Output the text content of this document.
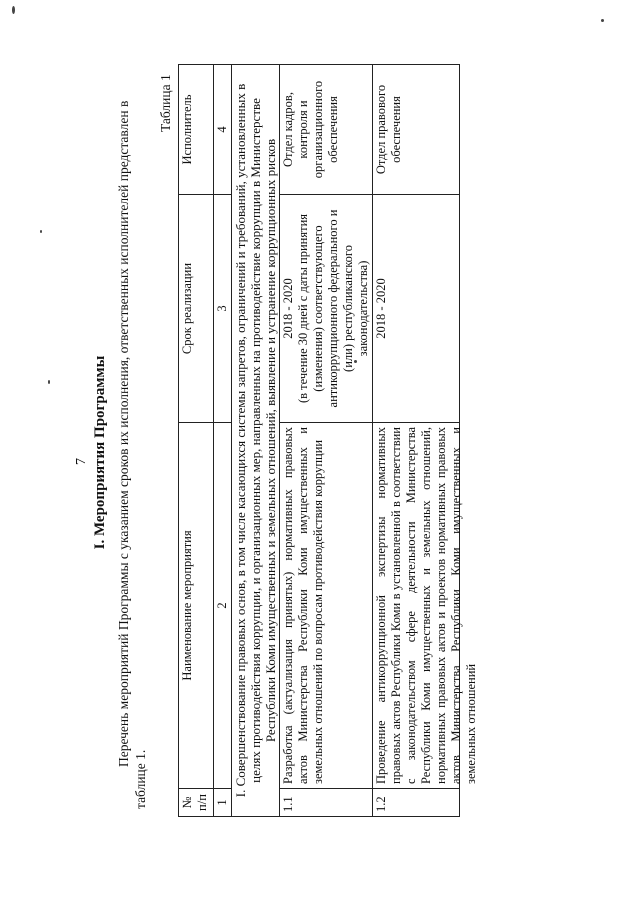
7 I. Мероприятия Программы Перечень мероприятий Программы с указанием сроков их исполнения, ответственных исполнителей представлен в
таблице 1.
Таблица 1
№ п/п	Наименование мероприятия	Срок реализации	Исполнитель
1	2	3	4
I. Совершенствование правовых основ, в том числе касающихся системы запретов, ограничений и требований, установленных в целях противодействия коррупции, и организационных мер, направленных на противодействие коррупции в Министерстве Республики Коми имущественных и земельных отношений, выявление и устранение коррупционных рисков			
1.1	Разработка (актуализация принятых) нормативных правовых актов Министерства Республики Коми имущественных и земельных отношений по вопросам противодействия коррупции	2018 - 2020 (в течение 30 дней с даты принятия (изменения) соответствующего антикоррупционного федерального и (или) республиканского законодательства)	Отдел кадров, контроля и организационного обеспечения
1.2	Проведение антикоррупционной экспертизы нормативных правовых актов Республики Коми в установленной в соответствии с законодательством сфере деятельности Министерства Республики Коми имущественных и земельных отношений, нормативных правовых актов и проектов нормативных правовых актов Министерства Республики Коми имущественных и земельных отношений	2018 - 2020	Отдел правового обеспечения
